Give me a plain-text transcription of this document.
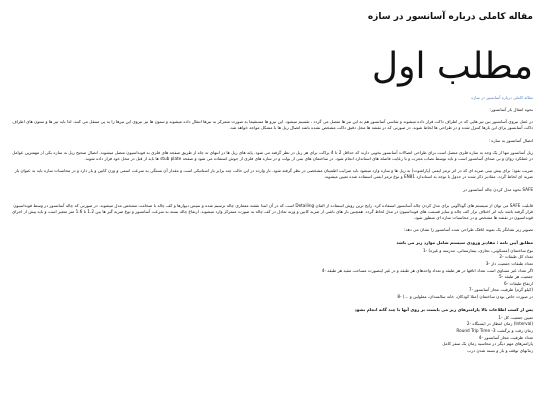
مقاله کاملی درباره آسانسور در سازه
مطلب اول
مقاله کاملی درباره آسانسور در سازه

نحوه انتقال بار آسانسور:

در عمل نیروی آسانسور بین تیر هایی که در اطراف داکت قرار داده میشوند و شاسی آسانسور هم به این تیر ها متصل می گردد ، تقسیم میشود. این نیرو ها مستقیما به صورت متمرکز به تیرها انتقال داده میشوند و ستون ها نیز نیروی این تیرها را به پی منتقل می کنند. لذا باید تیر ها و ستون های اطراف داکت آسانسور برای این بارها کنترل شده و در طراحی ها لحاظ شوند. در صورتی که در نقشه ها محل دقیق داکت مشخص نشده باشد اتصال ریل ها با مشکل مواجه خواهد شد.

اتصال آسانسور به سازه :

ریل آسانسور تنها از یک وجه به سازه فلزی متصل است برای طراحی اتصالات آسانسور بخوبی دارند که حداقل 2 تا 4 براکت برای هر ریل در نظر گرفته می شود. پایه های ریل ها در انتهای ته چاه از طریق صفحه های فلزی به فونداسیون متصل میشوند. اتصال صحیح ریل به سازه یکی از مهمترین عوامل در عملکرد روان و بی صدای آسانسور است و باید توسط نصاب مجرب و با رعایت فاصله های استاندارد انجام شود. در ساختمان های بتنی از بولت و در سازه های فلزی از جوش استفاده می شود و صفحه stub plate ها باید از قبل در محل خود قرار داده شوند.

ضریب نفوذ: برای پیش بینی ضربه ای که در اثر ترمز ایمنی (پاراشوت) به ریل ها و سازه وارد میشود باید ضرایب اطمینان مشخصی در نظر گرفته شود. بار وارده در این حالت چند برابر بار استاتیکی است و مقدار آن بستگی به سرعت اسمی و وزن کابین و بار دارد و در محاسبات سازه باید به عنوان بار ضربه ای لحاظ گردد. مقادیر ذکر شده در جدول با توجه به استاندارد EN81 و نوع ترمز ایمنی استفاده شده تعیین میشوند.

SAFE نحوه مدل کردن چاله آسانسور در

قابلیت SAFE می توان از سیستم های گوناگونی برای مدل کردن چاله آسانسور استفاده کرد. رایج ترین روش استفاده از المان Detailing است که در آن ابتدا نقشه معماری چاله ترسیم شده و سپس دیوارها و کف چاله با ضخامت مشخص مدل میشوند. در صورتی که چاله آسانسور در وسط فونداسیون قرار گرفته باشد باید اثر اختلاف تراز کف چاله و سایر قسمت های فونداسیون در مدل لحاظ گردد. همچنین بار های ناشی از ضربه کابین و وزنه تعادل در کف چاله به صورت متمرکز وارد میشوند. ارتفاع چاله بسته به سرعت آسانسور و نوع ضربه گیر ها بین 1.2 تا 1.6 متر متغیر است و باید پیش از اجرای فونداسیون در نقشه ها مشخص و در محاسبات سازه ای منظور شود.

تصویر زیر نشانگر یک نمونه اتاقک طراحی شده آسانسور را نشان می دهد:

مطابق آیین نامه : مقادیر ورودی سیستم شامل موارد زیر می باشد

نوع ساختمان (مسکونی، تجاری، بیمارستانی، مدرسه و غیره) -1
تعداد کل طبقات -2
تعداد طبقات جمعیت دار -3
اگر تعداد غیر مساوی است تعداد اتاقها در هر طبقه و تعداد واحدهای هر طبقه و در غیر اینصورت مساحت مفید هر طبقه -4
جمعیت هر طبقه -5
ارتفاع طبقات -6
(کیلو گرم) ظرفیت مجاز آسانسور -7
در صورت خاص بودن ساختمان (مثلا کودکان، خانه سالمندان، معلولین و ...) -8

پس از کسب اطلاعات بالا پارامترهای زیر می بایست بر روی آنها با چند گانه انجام بشود

تعیین جمعیت کل -1
(Interval) زمان انتظار در ایستگاه -2
زمان رفت و برگشت Round Trip Time -3
تعداد ظرفیت مجاز آسانسور -4
پارامترهای مهم دیگر در محاسبه زمان یک سفر کامل
زمانهای توقف و باز و بسته شدن درب
